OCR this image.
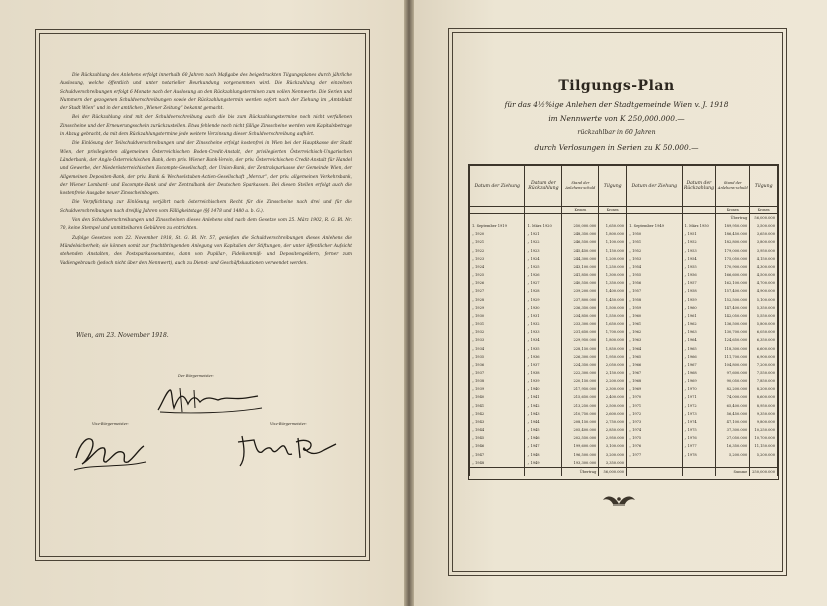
Die Rückzahlung des Anlehens erfolgt innerhalb 60 Jahren nach Maßgabe des beigedruckten Tilgungsplanes durch jährliche Auslosung, welche öffentlich und unter notarieller Beurkundung vorgenommen wird. Die Rückzahlung der einzelnen Schuldverschreibungen erfolgt 6 Monate nach der Auslosung an den Rückzahlungsterminen zum vollen Nennwerte. Die Serien und Nummern der gezogenen Schuldverschreibungen sowie der Rückzahlungstermin werden sofort nach der Ziehung im „Amtsblatt der Stadt Wien“ und in der amtlichen „Wiener Zeitung“ bekannt gemacht.

Bei der Rückzahlung sind mit der Schuldverschreibung auch die bis zum Rückzahlungstermine noch nicht verfallenen Zinsscheine und der Erneuerungsschein zurückzustellen. Etwa fehlende noch nicht fällige Zinsscheine werden vom Kapitalsbetrage in Abzug gebracht, da mit dem Rückzahlungstermine jede weitere Verzinsung dieser Schuldverschreibung aufhört.

Die Einlösung der Teilschuldverschreibungen und der Zinsscheine erfolgt kostenfrei in Wien bei der Hauptkasse der Stadt Wien, der privilegierten allgemeinen Österreichischen Boden-Credit-Anstalt, der privilegierten Österreichisch-Ungarischen Länderbank, der Anglo-Österreichischen Bank, dem priv. Wiener Bank-Verein, der priv. Österreichischen Credit-Anstalt für Handel und Gewerbe, der Niederösterreichischen Escompte-Gesellschaft, der Union-Bank, der Zentralsparkasse der Gemeinde Wien, der Allgemeinen Depositen-Bank, der priv. Bank & Wechselstuben-Actien-Gesellschaft „Mercur“, der priv. allgemeinen Verkehrsbank, der Wiener Lombard- und Escompte-Bank und der Zentralbank der Deutschen Sparkassen. Bei diesen Stellen erfolgt auch die kostenfreie Ausgabe neuer Zinsscheinbogen.

Die Verpflichtung zur Einlösung verjährt nach österreichischem Recht für die Zinsscheine nach drei und für die Schuldverschreibungen nach dreißig Jahren vom Fälligkeitstage (§§ 1478 und 1480 a. b. G.).

Von den Schuldverschreibungen und Zinsscheinen dieses Anlehens sind nach dem Gesetze vom 25. März 1902, R. G. Bl. Nr. 70, keine Stempel und unmittelbaren Gebühren zu entrichten.

Zufolge Gesetzes vom 22. November 1918, St. G. Bl. Nr. 57, genießen die Schuldverschreibungen dieses Anlehens die Mündelsicherheit; sie können somit zur fruchtbringenden Anlegung von Kapitalien der Stiftungen, der unter öffentlicher Aufsicht stehenden Anstalten, des Postsparkassenamtes, dann von Pupillar-, Fideikommiß- und Depositengeldern, ferner zum Vadiengebrauch (jedoch nicht über den Nennwert), auch zu Dienst- und Geschäftskautionen verwendet werden.

Wien, am 23. November 1918.
Der Bürgermeister:
Vize-Bürgermeister:	Vize-Bürgermeister:
Tilgungs-Plan
für das 4½%ige Anlehen der Stadtgemeinde Wien v. J. 1918
im Nennwerte von K 250,000.000.—
rückzahlbar in 60 Jahren
durch Verlosungen in Serien zu K 50.000.—
Datum der Ziehung	Datum der Rückzahlung	Stand der Anlehens-schuld	Tilgung	Datum der Ziehung	Datum der Rückzahlung	Stand der Anlehens-schuld	Tilgung
		Kronen	Kronen			Kronen	Kronen
						Übertrag	56,000.000
1. September 1919	1. März 1920	250,000.000	1,650.000	1. September 1949	1. März 1950	189,950.000	3,500.000
„ 1920	„ 1921	248,350.000	1,800.000	„ 1950	„ 1951	186,450.000	3,650.000
„ 1921	„ 1922	246,550.000	1,100.000	„ 1951	„ 1952	182,800.000	3,800.000
„ 1922	„ 1923	245,450.000	1,150.000	„ 1952	„ 1953	179,000.000	3,950.000
„ 1923	„ 1924	244,300.000	1,200.000	„ 1953	„ 1954	175,050.000	4,150.000
„ 1924	„ 1925	243,100.000	1,250.000	„ 1954	„ 1955	170,900.000	4,300.000
„ 1925	„ 1926	241,850.000	1,300.000	„ 1955	„ 1956	166,600.000	4,500.000
„ 1926	„ 1927	240,550.000	1,350.000	„ 1956	„ 1957	162,100.000	4,700.000
„ 1927	„ 1928	239,200.000	1,400.000	„ 1957	„ 1958	157,400.000	4,900.000
„ 1928	„ 1929	237,800.000	1,450.000	„ 1958	„ 1959	152,500.000	5,100.000
„ 1929	„ 1930	236,350.000	1,500.000	„ 1959	„ 1960	147,400.000	5,350.000
„ 1930	„ 1931	234,850.000	1,550.000	„ 1960	„ 1961	142,050.000	5,550.000
„ 1931	„ 1932	233,300.000	1,650.000	„ 1961	„ 1962	136,500.000	5,800.000
„ 1932	„ 1933	231,650.000	1,700.000	„ 1962	„ 1963	130,700.000	6,050.000
„ 1933	„ 1934	229,950.000	1,800.000	„ 1963	„ 1964	124,650.000	6,350.000
„ 1934	„ 1935	228,150.000	1,850.000	„ 1964	„ 1965	118,300.000	6,600.000
„ 1935	„ 1936	226,300.000	1,950.000	„ 1965	„ 1966	111,700.000	6,900.000
„ 1936	„ 1937	224,350.000	2,050.000	„ 1966	„ 1967	104,800.000	7,200.000
„ 1937	„ 1938	222,300.000	2,150.000	„ 1967	„ 1968	97,600.000	7,550.000
„ 1938	„ 1939	220,150.000	2,200.000	„ 1968	„ 1969	90,050.000	7,850.000
„ 1939	„ 1940	217,950.000	2,300.000	„ 1969	„ 1970	82,200.000	8,200.000
„ 1940	„ 1941	215,650.000	2,400.000	„ 1970	„ 1971	74,000.000	8,600.000
„ 1941	„ 1942	213,250.000	2,500.000	„ 1971	„ 1972	65,400.000	8,950.000
„ 1942	„ 1943	210,750.000	2,600.000	„ 1972	„ 1973	56,450.000	9,350.000
„ 1943	„ 1944	208,150.000	2,750.000	„ 1973	„ 1974	47,100.000	9,800.000
„ 1944	„ 1945	205,400.000	2,850.000	„ 1974	„ 1975	37,300.000	10,250.000
„ 1945	„ 1946	202,550.000	2,950.000	„ 1975	„ 1976	27,050.000	10,700.000
„ 1946	„ 1947	199,600.000	3,100.000	„ 1976	„ 1977	16,350.000	11,150.000
„ 1947	„ 1948	196,500.000	3,200.000	„ 1977	„ 1978	5,200.000	5,200.000
„ 1948	„ 1949	193,300.000	3,350.000				
		Übertrag	56,000.000			Summe	250,000.000
